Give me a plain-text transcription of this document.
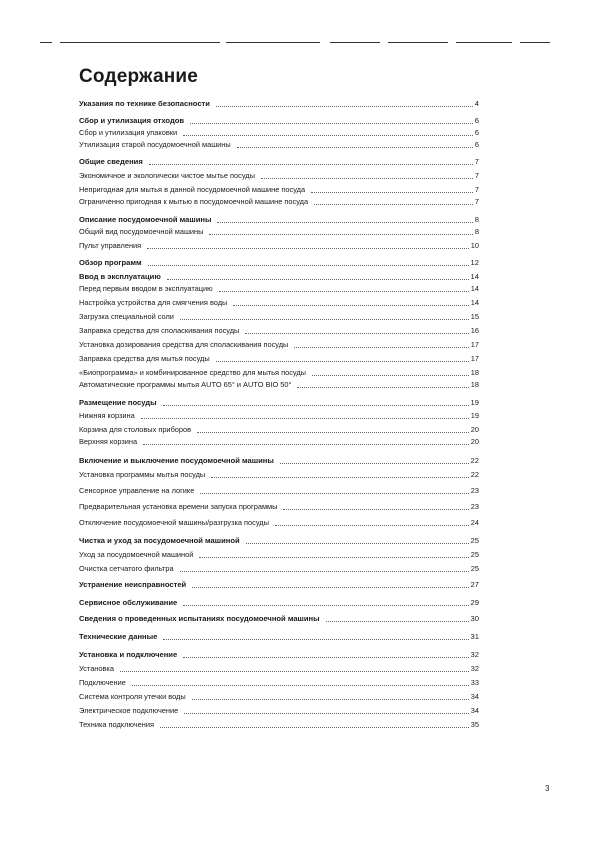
Содержание
Указания по технике безопасности	4
Сбор и утилизация отходов	6
Сбор и утилизация упаковки	6
Утилизация старой посудомоечной машины	6
Общие сведения	7
Экономичное и экологически чистое мытье посуды	7
Непригодная для мытья в данной посудомоечной машине посуда	7
Ограниченно пригодная к мытью в посудомоечной машине посуда	7
Описание посудомоечной машины	8
Общий вид посудомоечной машины	8
Пульт управления	10
Обзор программ	12
Ввод в эксплуатацию	14
Перед первым вводом в эксплуатацию	14
Настройка устройства для смягчения воды	14
Загрузка специальной соли	15
Заправка средства для споласкивания посуды	16
Установка дозирования средства для споласкивания посуды	17
Заправка средства для мытья посуды	17
«Биопрограмма» и комбинированное средство для мытья посуды	18
Автоматические программы мытья AUTO 65° и AUTO BIO 50°	18
Размещение посуды	19
Нижняя корзина	19
Корзина для столовых приборов	20
Верхняя корзина	20
Включение и выключение посудомоечной машины	22
Установка программы мытья посуды	22
Сенсорное управление на логике	23
Предварительная установка времени запуска программы	23
Отключение посудомоечной машины/разгрузка посуды	24
Чистка и уход за посудомоечной машиной	25
Уход за посудомоечной машиной	25
Очистка сетчатого фильтра	25
Устранение неисправностей	27
Сервисное обслуживание	29
Сведения о проведенных испытаниях посудомоечной машины	30
Технические данные	31
Установка и подключение	32
Установка	32
Подключение	33
Система контроля утечки воды	34
Электрическое подключение	34
Техника подключения	35
3
